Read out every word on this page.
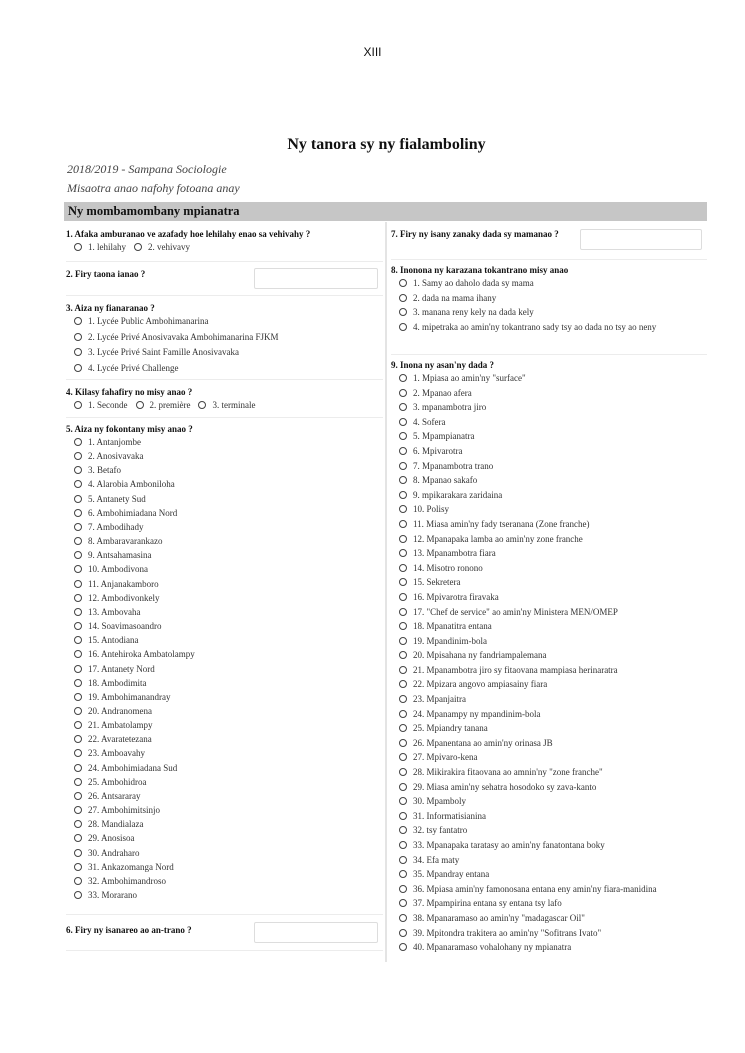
XIII
Ny tanora sy ny fialamboliny
2018/2019 - Sampana Sociologie
Misaotra anao nafohy fotoana anay
Ny mombamombany mpianatra
1. Afaka amburanao ve azafady hoe lehilahy enao sa vehivahy ?
1. lehilahy 2. vehivavy
2. Firy taona ianao ?
3. Aiza ny fianaranao ?
1. Lycée Public Ambohimanarina
2. Lycée Privé Anosivavaka Ambohimanarina FJKM
3. Lycée Privé Saint Famille Anosivavaka
4. Lycée Privé Challenge
4. Kilasy fahafiry no misy anao ?
1. Seconde 2. première 3. terminale
5. Aiza ny fokontany misy anao ?
1. Antanjombe
2. Anosivavaka
3. Betafo
4. Alarobia Amboniloha
5. Antanety Sud
6. Ambohimiadana Nord
7. Ambodihady
8. Ambaravarankazo
9. Antsahamasina
10. Ambodivona
11. Anjanakamboro
12. Ambodivonkely
13. Ambovaha
14. Soavimasoandro
15. Antodiana
16. Antehiroka Ambatolampy
17. Antanety Nord
18. Ambodimita
19. Ambohimanandray
20. Andranomena
21. Ambatolampy
22. Avaratetezana
23. Amboavahy
24. Ambohimiadana Sud
25. Ambohidroa
26. Antsararay
27. Ambohimitsinjo
28. Mandialaza
29. Anosisoa
30. Andraharo
31. Ankazomanga Nord
32. Ambohimandroso
33. Morarano
6. Firy ny isanareo ao an-trano ?
7. Firy ny isany zanaky dada sy mamanao ?
8. Inonona ny karazana tokantrano misy anao
1. Samy ao daholo dada sy mama
2. dada na mama ihany
3. manana reny kely na dada kely
4. mipetraka ao amin'ny tokantrano sady tsy ao dada no tsy ao neny
9. Inona ny asan'ny dada ?
1. Mpiasa ao amin'ny "surface"
2. Mpanao afera
3. mpanambotra jiro
4. Sofera
5. Mpampianatra
6. Mpivarotra
7. Mpanambotra trano
8. Mpanao sakafo
9. mpikarakara zaridaina
10. Polisy
11. Miasa amin'ny fady tseranana (Zone franche)
12. Mpanapaka lamba ao amin'ny zone franche
13. Mpanambotra fiara
14. Misotro ronono
15. Sekretera
16. Mpivarotra firavaka
17. "Chef de service" ao amin'ny Ministera MEN/OMEP
18. Mpanatitra entana
19. Mpandinim-bola
20. Mpisahana ny fandriampalemana
21. Mpanambotra jiro sy fitaovana mampiasa herinaratra
22. Mpizara angovo ampiasainy fiara
23. Mpanjaitra
24. Mpanampy ny mpandinim-bola
25. Mpiandry tanana
26. Mpanentana ao amin'ny orinasa JB
27. Mpivaro-kena
28. Mikirakira fitaovana ao amnin'ny "zone franche"
29. Miasa amin'ny sehatra hosodoko sy zava-kanto
30. Mpamboly
31. Informatisianina
32. tsy fantatro
33. Mpanapaka taratasy ao amin'ny fanatontana boky
34. Efa maty
35. Mpandray entana
36. Mpiasa amin'ny famonosana entana eny amin'ny fiara-manidina
37. Mpampirina entana sy entana tsy lafo
38. Mpanaramaso ao amin'ny "madagascar Oil"
39. Mpitondra trakitera ao amin'ny "Sofitrans Ivato"
40. Mpanaramaso vohalohany ny mpianatra
